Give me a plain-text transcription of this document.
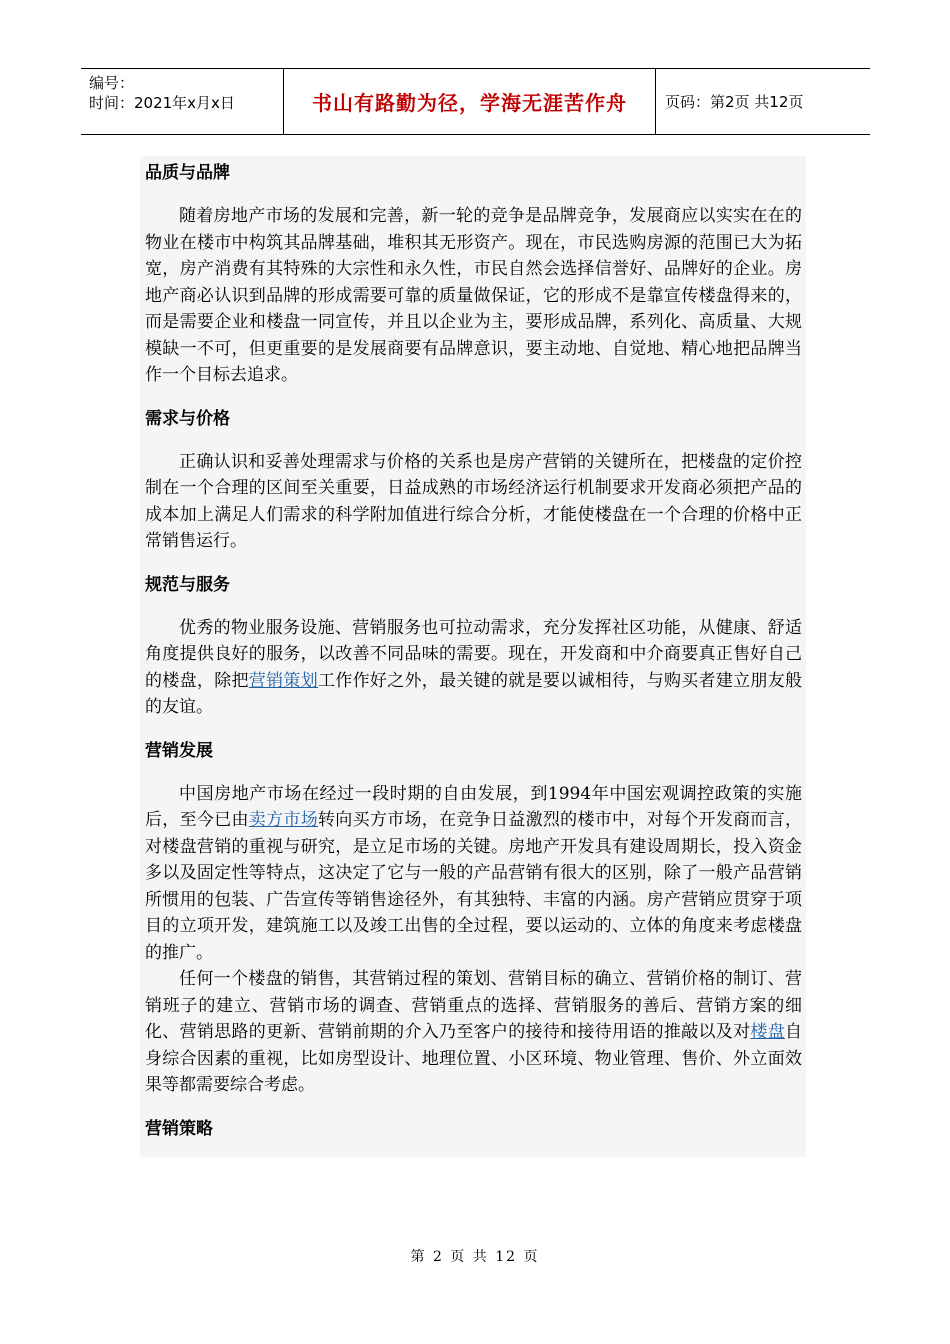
编号：
时间：2021年x月x日	书山有路勤为径，学海无涯苦作舟	页码：第2页 共12页
品质与品牌

随着房地产市场的发展和完善，新一轮的竞争是品牌竞争，发展商应以实实在在的物业在楼市中构筑其品牌基础，堆积其无形资产。现在，市民选购房源的范围已大为拓宽，房产消费有其特殊的大宗性和永久性，市民自然会选择信誉好、品牌好的企业。房地产商必认识到品牌的形成需要可靠的质量做保证，它的形成不是靠宣传楼盘得来的，而是需要企业和楼盘一同宣传，并且以企业为主，要形成品牌，系列化、高质量、大规模缺一不可，但更重要的是发展商要有品牌意识，要主动地、自觉地、精心地把品牌当作一个目标去追求。

需求与价格

正确认识和妥善处理需求与价格的关系也是房产营销的关键所在，把楼盘的定价控制在一个合理的区间至关重要，日益成熟的市场经济运行机制要求开发商必须把产品的成本加上满足人们需求的科学附加值进行综合分析，才能使楼盘在一个合理的价格中正常销售运行。

规范与服务

优秀的物业服务设施、营销服务也可拉动需求，充分发挥社区功能，从健康、舒适角度提供良好的服务，以改善不同品味的需要。现在，开发商和中介商要真正售好自己的楼盘，除把营销策划工作作好之外，最关键的就是要以诚相待，与购买者建立朋友般的友谊。

营销发展

中国房地产市场在经过一段时期的自由发展，到1994年中国宏观调控政策的实施后，至今已由卖方市场转向买方市场，在竞争日益激烈的楼市中，对每个开发商而言，对楼盘营销的重视与研究，是立足市场的关键。房地产开发具有建设周期长，投入资金多以及固定性等特点，这决定了它与一般的产品营销有很大的区别，除了一般产品营销所惯用的包装、广告宣传等销售途径外，有其独特、丰富的内涵。房产营销应贯穿于项目的立项开发，建筑施工以及竣工出售的全过程，要以运动的、立体的角度来考虑楼盘的推广。

任何一个楼盘的销售，其营销过程的策划、营销目标的确立、营销价格的制订、营销班子的建立、营销市场的调查、营销重点的选择、营销服务的善后、营销方案的细化、营销思路的更新、营销前期的介入乃至客户的接待和接待用语的推敲以及对楼盘自身综合因素的重视，比如房型设计、地理位置、小区环境、物业管理、售价、外立面效果等都需要综合考虑。

营销策略
第 2 页 共 12 页
